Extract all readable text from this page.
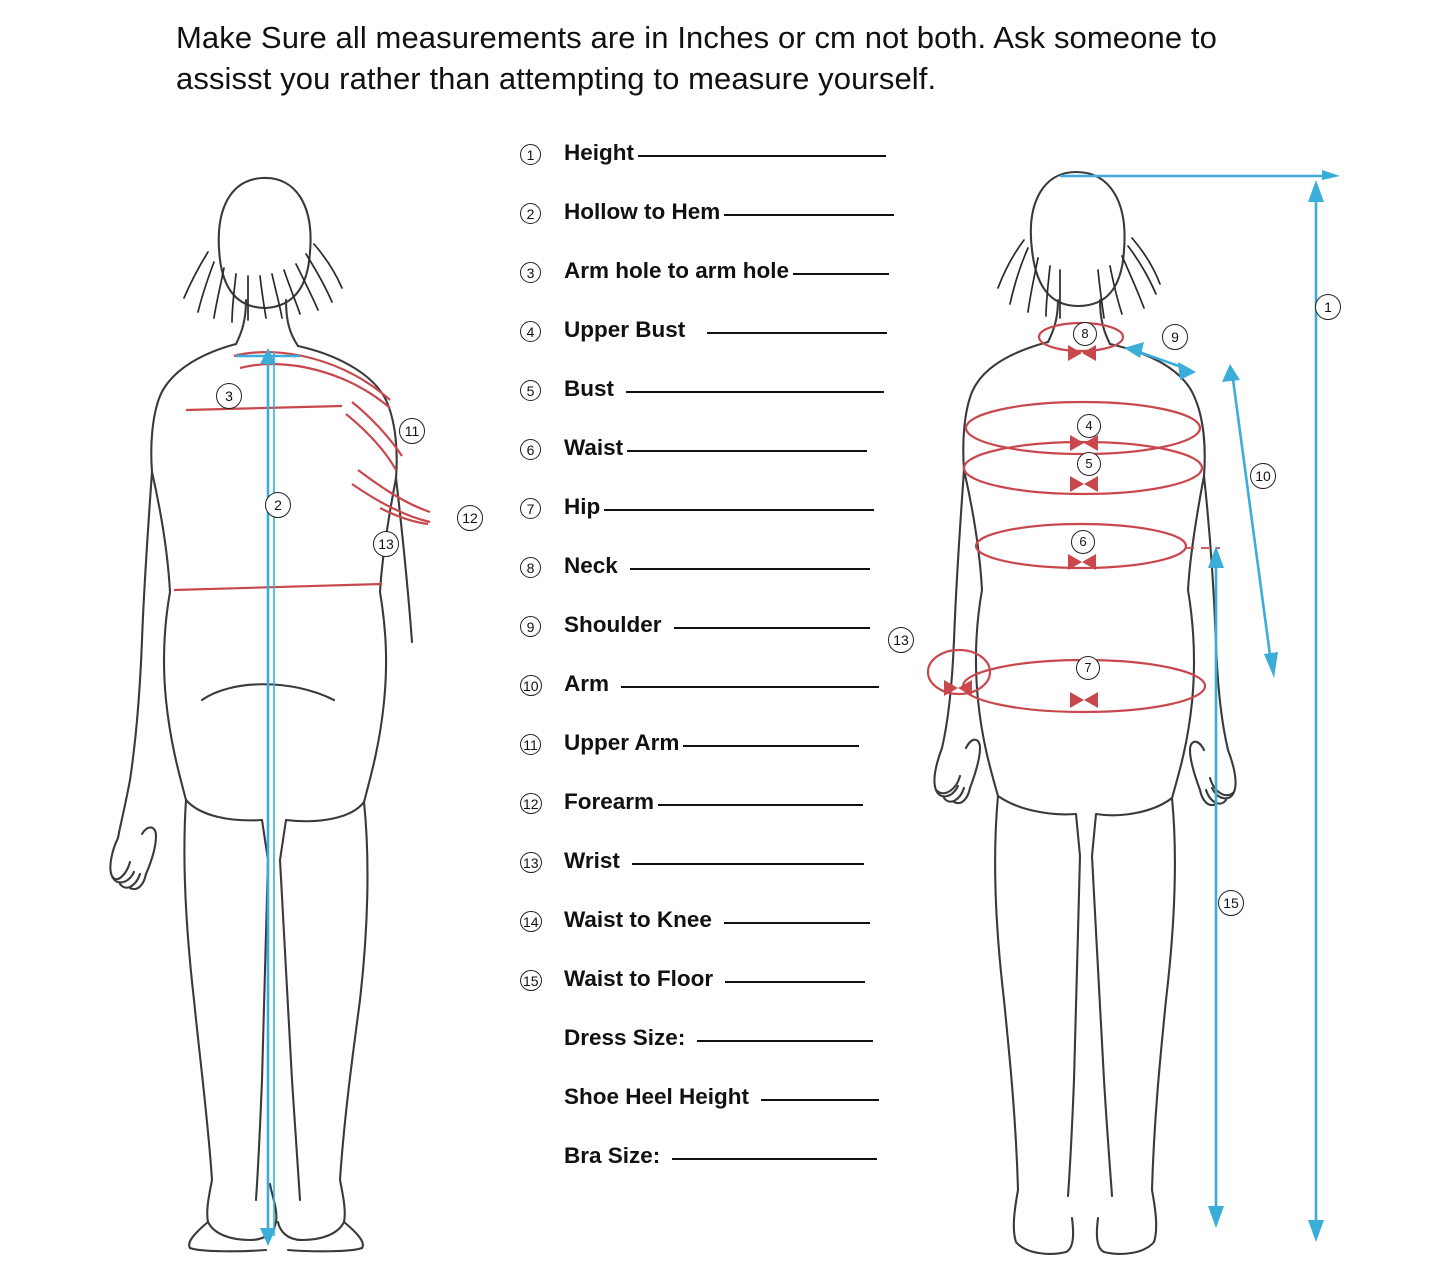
Make Sure all measurements are in Inches or cm not both. Ask someone to assisst you rather than attempting to measure yourself.
3
11
2
12
13
1
8	9
4
5
10
6
13
7
15
1	Height
2	Hollow to Hem
3	Arm hole to arm hole
4	Upper Bust
5	Bust
6	Waist
7	Hip
8	Neck
9	Shoulder
10	Arm
11	Upper Arm
12	Forearm
13	Wrist
14	Waist to Knee
15	Waist to Floor
Dress Size:
Shoe Heel Height
Bra Size:
